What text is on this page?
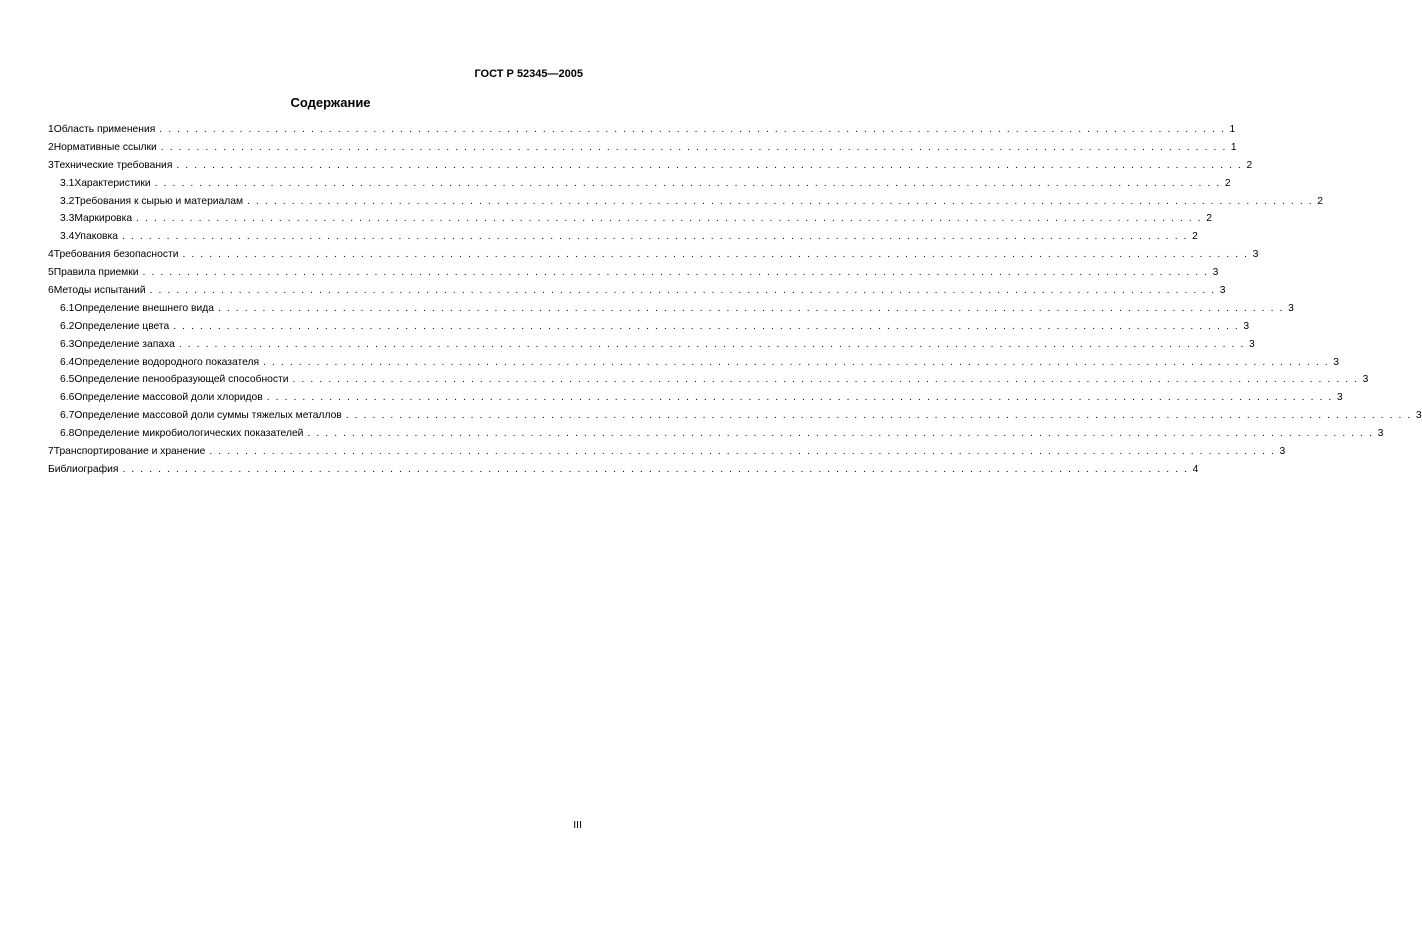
ГОСТ Р 52345—2005
Содержание
1 Область применения . . . . . . . . . . . . . . . . . . . . . . . . . . . . . . . . . . . . . . . . . . . . . . . . . . . . . . . . . . . . . . . . . . . . . . . . . . . . . . . . . . . . . . . . . . . . . . . . . . . . . . . . . . . . . . . . . . . . . . . . 1
2 Нормативные ссылки . . . . . . . . . . . . . . . . . . . . . . . . . . . . . . . . . . . . . . . . . . . . . . . . . . . . . . . . . . . . . . . . . . . . . . . . . . . . . . . . . . . . . . . . . . . . . . . . . . . . . . . . . . . . . . . . . . . . . . . . 1
3 Технические требования . . . . . . . . . . . . . . . . . . . . . . . . . . . . . . . . . . . . . . . . . . . . . . . . . . . . . . . . . . . . . . . . . . . . . . . . . . . . . . . . . . . . . . . . . . . . . . . . . . . . . . . . . . . . . . . . . . . . . . . . 2
3.1 Характеристики . . . . . . . . . . . . . . . . . . . . . . . . . . . . . . . . . . . . . . . . . . . . . . . . . . . . . . . . . . . . . . . . . . . . . . . . . . . . . . . . . . . . . . . . . . . . . . . . . . . . . . . . . . . . . . . . . . . . . . . . 2
3.2 Требования к сырью и материалам . . . . . . . . . . . . . . . . . . . . . . . . . . . . . . . . . . . . . . . . . . . . . . . . . . . . . . . . . . . . . . . . . . . . . . . . . . . . . . . . . . . . . . . . . . . . . . . . . . . . . . . . . . . . . . . . . . . . . . . . 2
3.3 Маркировка . . . . . . . . . . . . . . . . . . . . . . . . . . . . . . . . . . . . . . . . . . . . . . . . . . . . . . . . . . . . . . . . . . . . . . . . . . . . . . . . . . . . . . . . . . . . . . . . . . . . . . . . . . . . . . . . . . . . . . . . 2
3.4 Упаковка . . . . . . . . . . . . . . . . . . . . . . . . . . . . . . . . . . . . . . . . . . . . . . . . . . . . . . . . . . . . . . . . . . . . . . . . . . . . . . . . . . . . . . . . . . . . . . . . . . . . . . . . . . . . . . . . . . . . . . . . 2
4 Требования безопасности . . . . . . . . . . . . . . . . . . . . . . . . . . . . . . . . . . . . . . . . . . . . . . . . . . . . . . . . . . . . . . . . . . . . . . . . . . . . . . . . . . . . . . . . . . . . . . . . . . . . . . . . . . . . . . . . . . . . . . . . 3
5 Правила приемки . . . . . . . . . . . . . . . . . . . . . . . . . . . . . . . . . . . . . . . . . . . . . . . . . . . . . . . . . . . . . . . . . . . . . . . . . . . . . . . . . . . . . . . . . . . . . . . . . . . . . . . . . . . . . . . . . . . . . . . . 3
6 Методы испытаний . . . . . . . . . . . . . . . . . . . . . . . . . . . . . . . . . . . . . . . . . . . . . . . . . . . . . . . . . . . . . . . . . . . . . . . . . . . . . . . . . . . . . . . . . . . . . . . . . . . . . . . . . . . . . . . . . . . . . . . . 3
6.1 Определение внешнего вида . . . . . . . . . . . . . . . . . . . . . . . . . . . . . . . . . . . . . . . . . . . . . . . . . . . . . . . . . . . . . . . . . . . . . . . . . . . . . . . . . . . . . . . . . . . . . . . . . . . . . . . . . . . . . . . . . . . . . . . . 3
6.2 Определение цвета . . . . . . . . . . . . . . . . . . . . . . . . . . . . . . . . . . . . . . . . . . . . . . . . . . . . . . . . . . . . . . . . . . . . . . . . . . . . . . . . . . . . . . . . . . . . . . . . . . . . . . . . . . . . . . . . . . . . . . . . 3
6.3 Определение запаха . . . . . . . . . . . . . . . . . . . . . . . . . . . . . . . . . . . . . . . . . . . . . . . . . . . . . . . . . . . . . . . . . . . . . . . . . . . . . . . . . . . . . . . . . . . . . . . . . . . . . . . . . . . . . . . . . . . . . . . . 3
6.4 Определение водородного показателя . . . . . . . . . . . . . . . . . . . . . . . . . . . . . . . . . . . . . . . . . . . . . . . . . . . . . . . . . . . . . . . . . . . . . . . . . . . . . . . . . . . . . . . . . . . . . . . . . . . . . . . . . . . . . . . . . . . . . . . . 3
6.5 Определение пенообразующей способности . . . . . . . . . . . . . . . . . . . . . . . . . . . . . . . . . . . . . . . . . . . . . . . . . . . . . . . . . . . . . . . . . . . . . . . . . . . . . . . . . . . . . . . . . . . . . . . . . . . . . . . . . . . . . . . . . . . . . . . . 3
6.6 Определение массовой доли хлоридов . . . . . . . . . . . . . . . . . . . . . . . . . . . . . . . . . . . . . . . . . . . . . . . . . . . . . . . . . . . . . . . . . . . . . . . . . . . . . . . . . . . . . . . . . . . . . . . . . . . . . . . . . . . . . . . . . . . . . . . . 3
6.7 Определение массовой доли суммы тяжелых металлов . . . . . . . . . . . . . . . . . . . . . . . . . . . . . . . . . . . . . . . . . . . . . . . . . . . . . . . . . . . . . . . . . . . . . . . . . . . . . . . . . . . . . . . . . . . . . . . . . . . . . . . . . . . . . . . . . . . . . . . . 3
6.8 Определение микробиологических показателей . . . . . . . . . . . . . . . . . . . . . . . . . . . . . . . . . . . . . . . . . . . . . . . . . . . . . . . . . . . . . . . . . . . . . . . . . . . . . . . . . . . . . . . . . . . . . . . . . . . . . . . . . . . . . . . . . . . . . . . . 3
7 Транспортирование и хранение . . . . . . . . . . . . . . . . . . . . . . . . . . . . . . . . . . . . . . . . . . . . . . . . . . . . . . . . . . . . . . . . . . . . . . . . . . . . . . . . . . . . . . . . . . . . . . . . . . . . . . . . . . . . . . . . . . . . . . . . 3
Библиография . . . . . . . . . . . . . . . . . . . . . . . . . . . . . . . . . . . . . . . . . . . . . . . . . . . . . . . . . . . . . . . . . . . . . . . . . . . . . . . . . . . . . . . . . . . . . . . . . . . . . . . . . . . . . . . . . . . . . . . . 4
III
